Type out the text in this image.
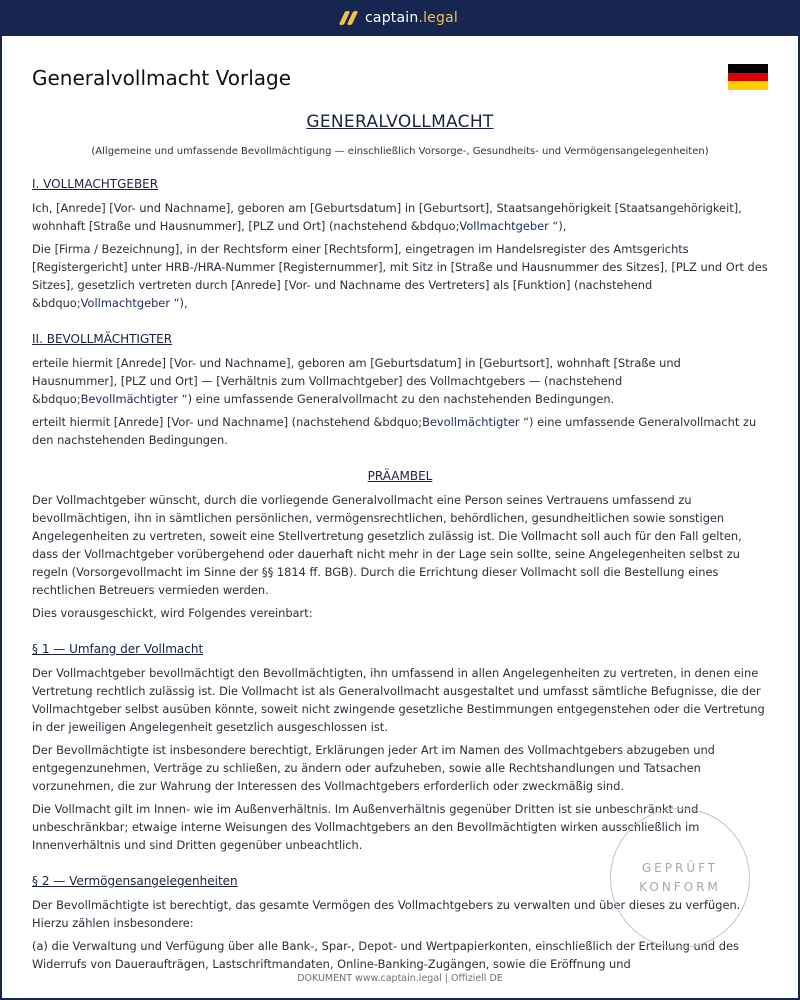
captain.legal
Generalvollmacht Vorlage
GENERALVOLLMACHT
(Allgemeine und umfassende Bevollmächtigung — einschließlich Vorsorge-, Gesundheits- und Vermögensangelegenheiten)
I. VOLLMACHTGEBER

Ich, [Anrede] [Vor- und Nachname], geboren am [Geburtsdatum] in [Geburtsort], Staatsangehörigkeit [Staatsangehörigkeit], wohnhaft [Straße und Hausnummer], [PLZ und Ort] (nachstehend &bdquo;Vollmachtgeber “),

Die [Firma / Bezeichnung], in der Rechtsform einer [Rechtsform], eingetragen im Handelsregister des Amtsgerichts [Registergericht] unter HRB-/HRA-Nummer [Registernummer], mit Sitz in [Straße und Hausnummer des Sitzes], [PLZ und Ort des Sitzes], gesetzlich vertreten durch [Anrede] [Vor- und Nachname des Vertreters] als [Funktion] (nachstehend &bdquo;Vollmachtgeber “),

II. BEVOLLMÄCHTIGTER

erteile hiermit [Anrede] [Vor- und Nachname], geboren am [Geburtsdatum] in [Geburtsort], wohnhaft [Straße und Hausnummer], [PLZ und Ort] — [Verhältnis zum Vollmachtgeber] des Vollmachtgebers — (nachstehend &bdquo;Bevollmächtigter “) eine umfassende Generalvollmacht zu den nachstehenden Bedingungen.

erteilt hiermit [Anrede] [Vor- und Nachname] (nachstehend &bdquo;Bevollmächtigter “) eine umfassende Generalvollmacht zu den nachstehenden Bedingungen.

PRÄAMBEL

Der Vollmachtgeber wünscht, durch die vorliegende Generalvollmacht eine Person seines Vertrauens umfassend zu bevollmächtigen, ihn in sämtlichen persönlichen, vermögensrechtlichen, behördlichen, gesundheitlichen sowie sonstigen Angelegenheiten zu vertreten, soweit eine Stellvertretung gesetzlich zulässig ist. Die Vollmacht soll auch für den Fall gelten, dass der Vollmachtgeber vorübergehend oder dauerhaft nicht mehr in der Lage sein sollte, seine Angelegenheiten selbst zu regeln (Vorsorgevollmacht im Sinne der §§ 1814 ff. BGB). Durch die Errichtung dieser Vollmacht soll die Bestellung eines rechtlichen Betreuers vermieden werden.

Dies vorausgeschickt, wird Folgendes vereinbart:

§ 1 — Umfang der Vollmacht

Der Vollmachtgeber bevollmächtigt den Bevollmächtigten, ihn umfassend in allen Angelegenheiten zu vertreten, in denen eine Vertretung rechtlich zulässig ist. Die Vollmacht ist als Generalvollmacht ausgestaltet und umfasst sämtliche Befugnisse, die der Vollmachtgeber selbst ausüben könnte, soweit nicht zwingende gesetzliche Bestimmungen entgegenstehen oder die Vertretung in der jeweiligen Angelegenheit gesetzlich ausgeschlossen ist.

Der Bevollmächtigte ist insbesondere berechtigt, Erklärungen jeder Art im Namen des Vollmachtgebers abzugeben und entgegenzunehmen, Verträge zu schließen, zu ändern oder aufzuheben, sowie alle Rechtshandlungen und Tatsachen vorzunehmen, die zur Wahrung der Interessen des Vollmachtgebers erforderlich oder zweckmäßig sind.

Die Vollmacht gilt im Innen- wie im Außenverhältnis. Im Außenverhältnis gegenüber Dritten ist sie unbeschränkt und unbeschränkbar; etwaige interne Weisungen des Vollmachtgebers an den Bevollmächtigten wirken ausschließlich im Innenverhältnis und sind Dritten gegenüber unbeachtlich.

§ 2 — Vermögensangelegenheiten

Der Bevollmächtigte ist berechtigt, das gesamte Vermögen des Vollmachtgebers zu verwalten und über dieses zu verfügen. Hierzu zählen insbesondere:

(a) die Verwaltung und Verfügung über alle Bank-, Spar-, Depot- und Wertpapierkonten, einschließlich der Erteilung und des Widerrufs von Daueraufträgen, Lastschriftmandaten, Online-Banking-Zugängen, sowie die Eröffnung und

GEPRÜFT
KONFORM
DOKUMENT www.captain.legal | Offiziell DE
